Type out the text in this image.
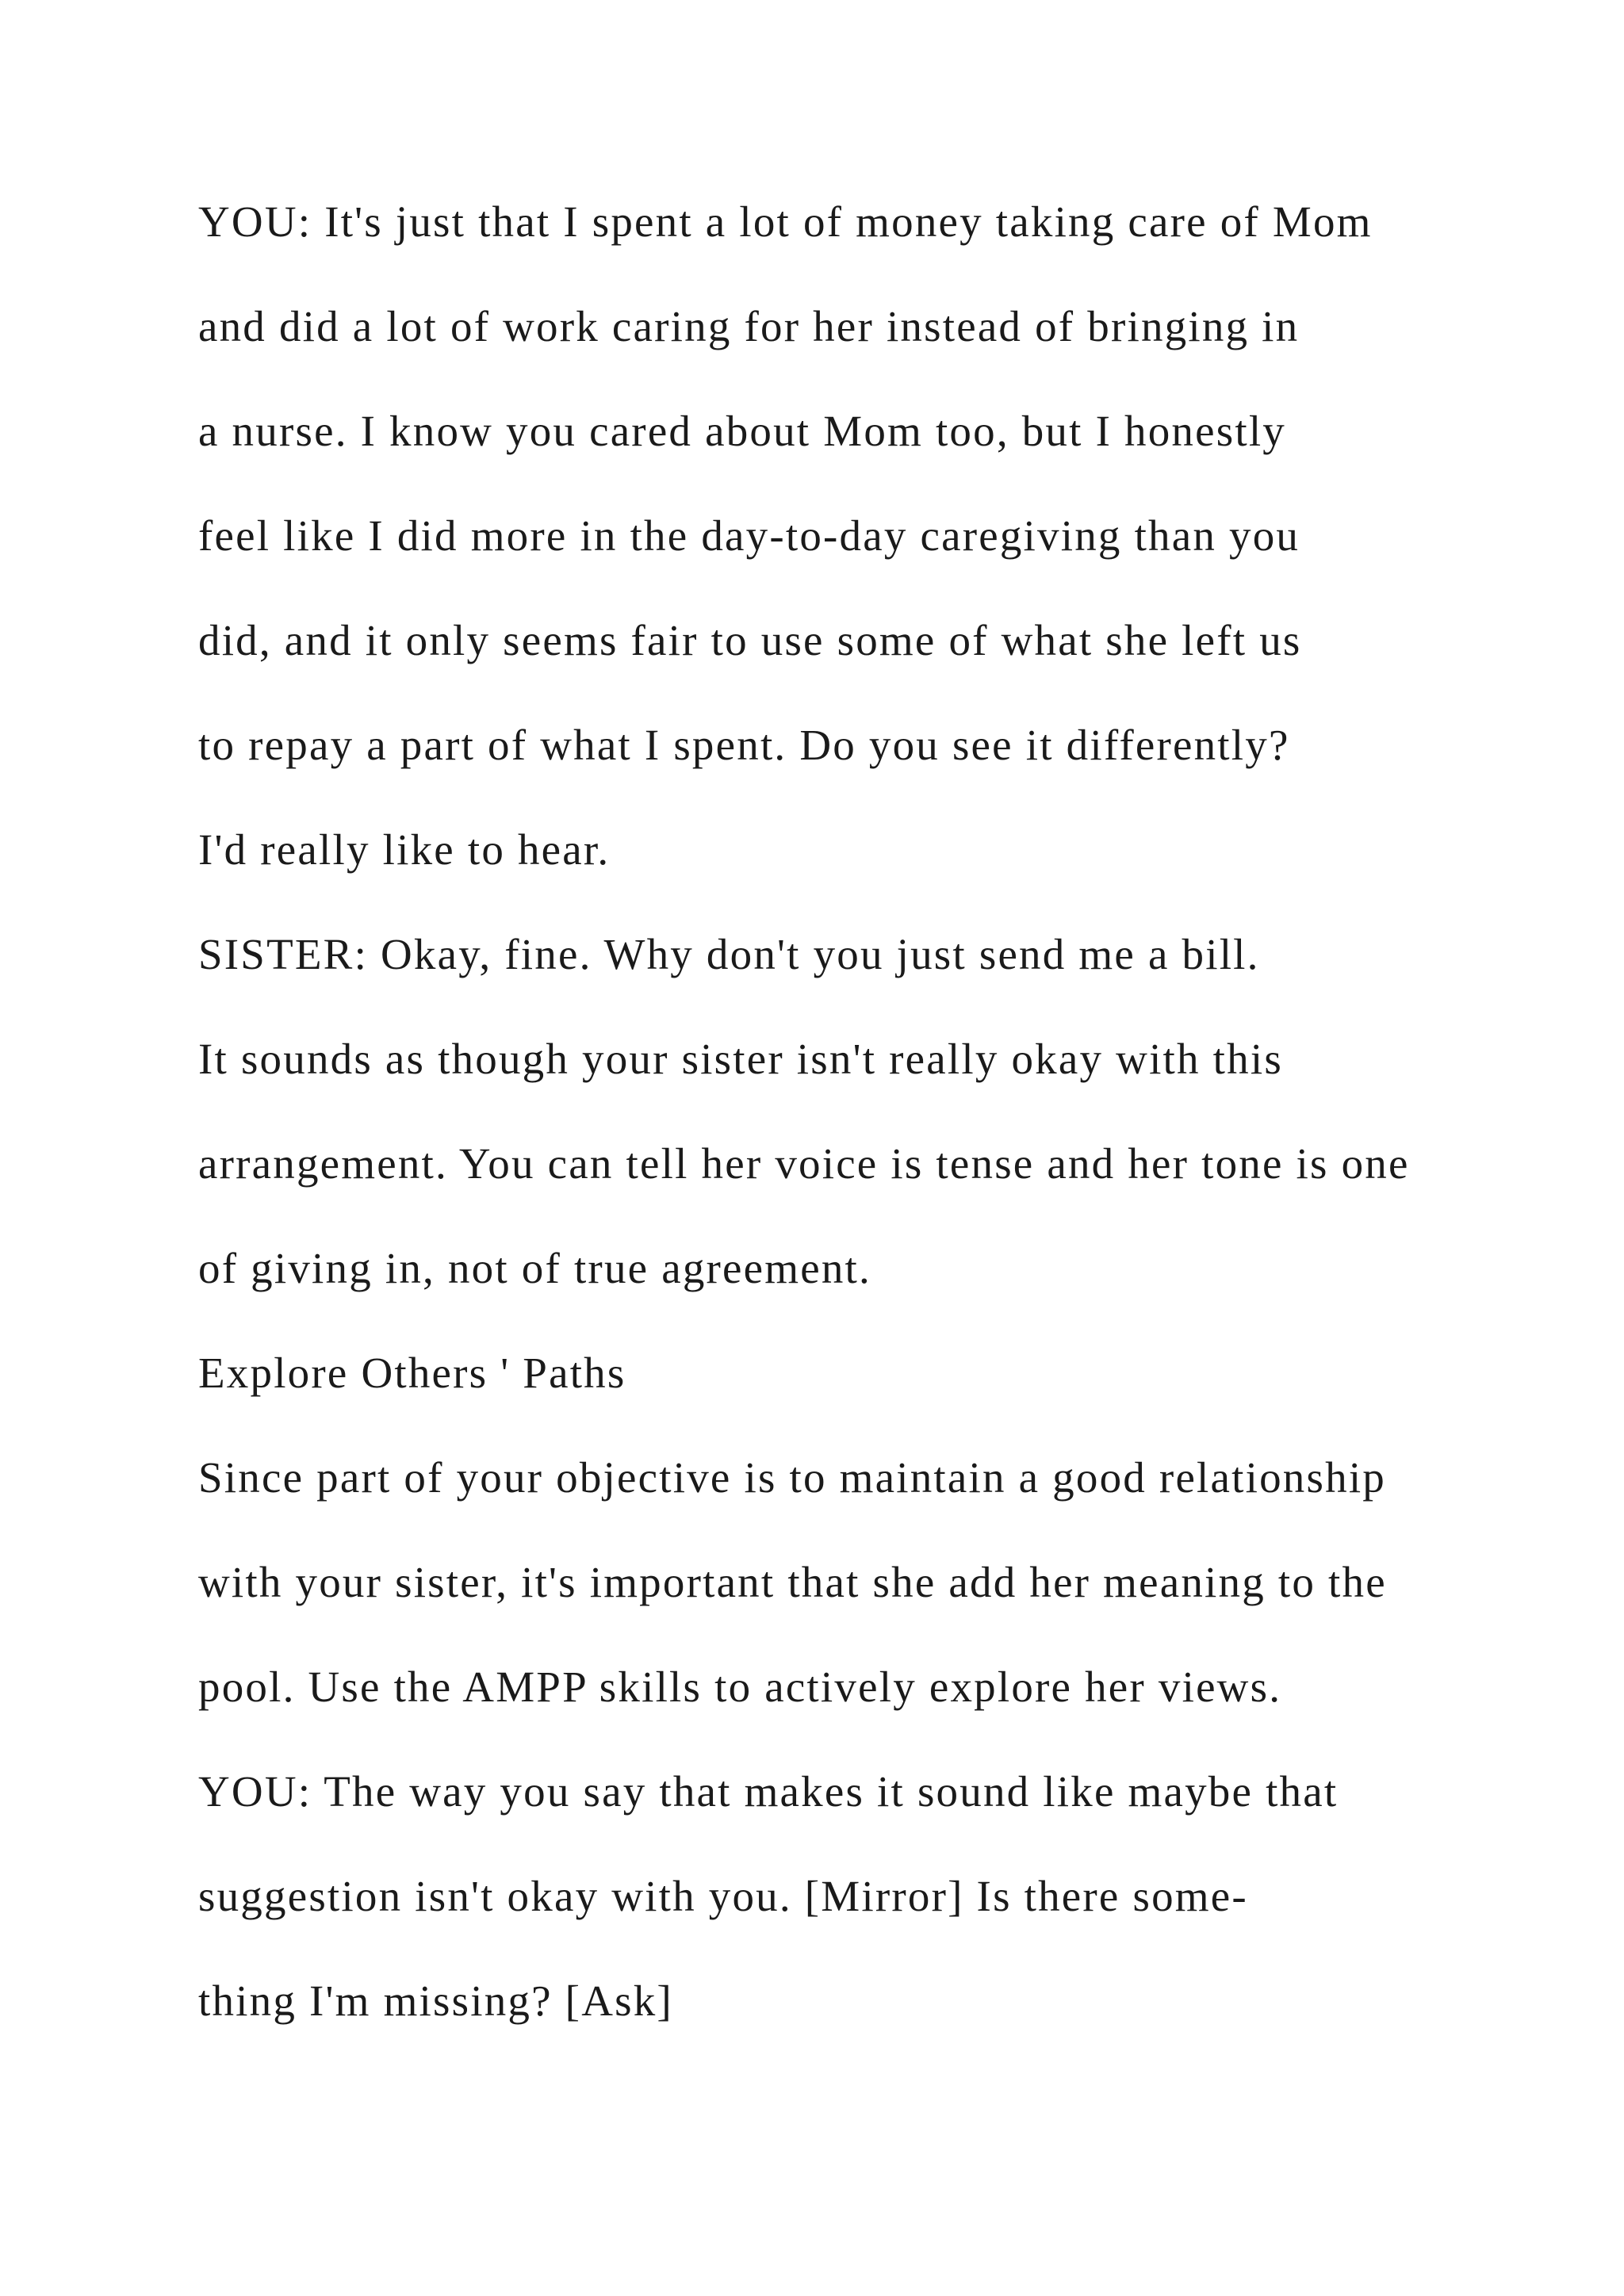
YOU: It's just that I spent a lot of money taking care of Mom
and did a lot of work caring for her instead of bringing in
a nurse. I know you cared about Mom too, but I honestly
feel like I did more in the day-to-day caregiving than you
did, and it only seems fair to use some of what she left us
to repay a part of what I spent. Do you see it differently?
I'd really like to hear.
SISTER: Okay, fine. Why don't you just send me a bill.
It sounds as though your sister isn't really okay with this
arrangement. You can tell her voice is tense and her tone is one
of giving in, not of true agreement.
Explore Others ' Paths
Since part of your objective is to maintain a good relationship
with your sister, it's important that she add her meaning to the
pool. Use the AMPP skills to actively explore her views.
YOU: The way you say that makes it sound like maybe that
suggestion isn't okay with you. [Mirror] Is there some-
thing I'm missing? [Ask]
